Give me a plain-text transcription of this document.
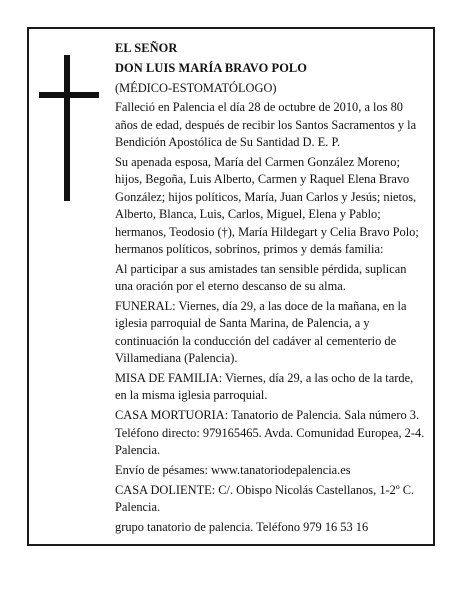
EL SEÑOR

DON LUIS MARÍA BRAVO POLO

(MÉDICO-ESTOMATÓLOGO)

Falleció en Palencia el día 28 de octubre de 2010, a los 80 años de edad, después de recibir los Santos Sacramentos y la Bendición Apostólica de Su Santidad D. E. P.

Su apenada esposa, María del Carmen González Moreno; hijos, Begoña, Luis Alberto, Carmen y Raquel Elena Bravo González; hijos políticos, María, Juan Carlos y Jesús; nietos, Alberto, Blanca, Luis, Carlos, Miguel, Elena y Pablo; hermanos, Teodosio (†), María Hildegart y Celia Bravo Polo; hermanos políticos, sobrinos, primos y demás familia:

Al participar a sus amistades tan sensible pérdida, suplican una oración por el eterno descanso de su alma.

FUNERAL: Viernes, día 29, a las doce de la mañana, en la iglesia parroquial de Santa Marina, de Palencia, a y continuación la conducción del cadáver al cementerio de Villamediana (Palencia).

MISA DE FAMILIA: Viernes, día 29, a las ocho de la tarde, en la misma iglesia parroquial.

CASA MORTUORIA: Tanatorio de Palencia. Sala número 3. Teléfono directo: 979165465. Avda. Comunidad Europea, 2-4. Palencia.

Envío de pésames: www.tanatoriodepalencia.es

CASA DOLIENTE: C/. Obispo Nicolás Castellanos, 1-2º C. Palencia.

grupo tanatorio de palencia. Teléfono 979 16 53 16
